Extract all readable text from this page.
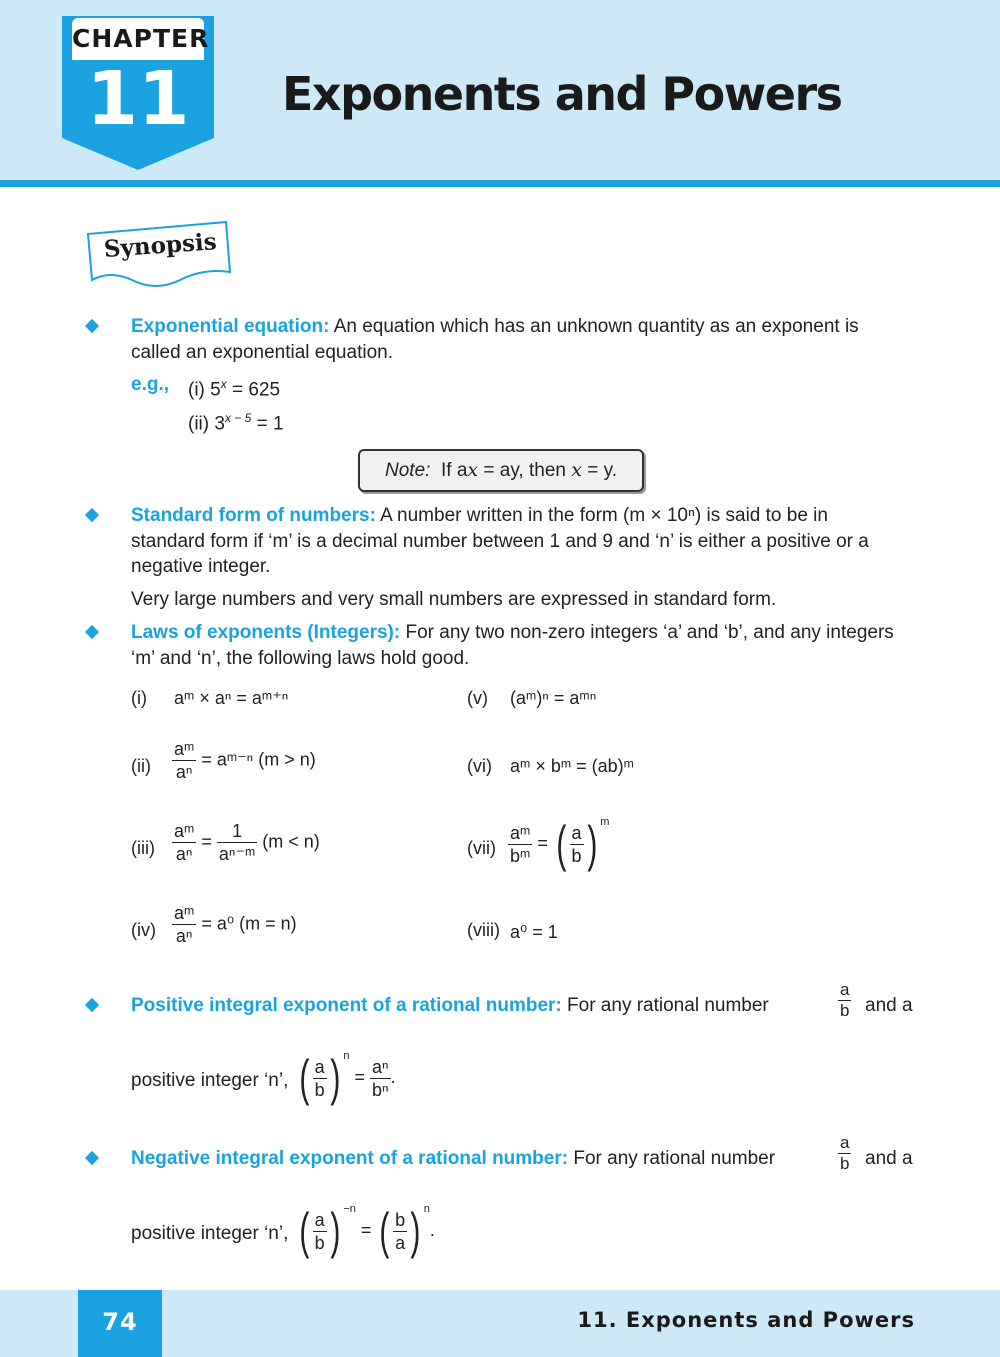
CHAPTER
11	Exponents and Powers
Synopsis
Exponential equation: An equation which has an unknown quantity as an exponent is
called an exponential equation.
e.g., (i) $5^x = 625$
(ii) $3^{x - 5} = 1$
Note: If ax = ay, then x = y.
Standard form of numbers: A number written in the form (m × 10ⁿ) is said to be in
standard form if ‘m’ is a decimal number between 1 and 9 and ‘n’ is either a positive or a
negative integer.
Very large numbers and very small numbers are expressed in standard form.
Laws of exponents (Integers): For any two non-zero integers ‘a’ and ‘b’, and any integers
‘m’ and ‘n’, the following laws hold good.
(i) aᵐ × aⁿ = aᵐ⁺ⁿ
$(ii) \frac{\text{aᵐ}}{\text{aⁿ}}$ = aᵐ⁻ⁿ (m > n)
$(iii) \frac{\text{aᵐ}}{\text{aⁿ}} = \frac{1}{\text{aⁿ⁻ᵐ}} (m < n)$
$(iv) \frac{\text{aᵐ}}{\text{aⁿ}} = a^0$ (m = n)
(v) (aᵐ)ⁿ = aᵐⁿ
(vi) aᵐ × bᵐ = (ab)ᵐ
$(vii) \frac{\text{aᵐ}}{\text{bᵐ}}$ = ( $\frac{a}{b}$ ) $^m$
(viii) a⁰ = 1
Positive integral exponent of a rational number: For any rational number	$\frac{a}{b}$ and a
positive integer ‘n’, ( $\frac{a}{b}$ ) $^n = \frac{\text{aⁿ}}{\text{bⁿ}}$ .
Negative integral exponent of a rational number: For any rational number	$\frac{a}{b}$ and a
positive integer ‘n’, ( $\frac{a}{b}$ ) $^{-n}$ = ( $\frac{b}{a}$ ) $^n$.
74	11. Exponents and Powers
